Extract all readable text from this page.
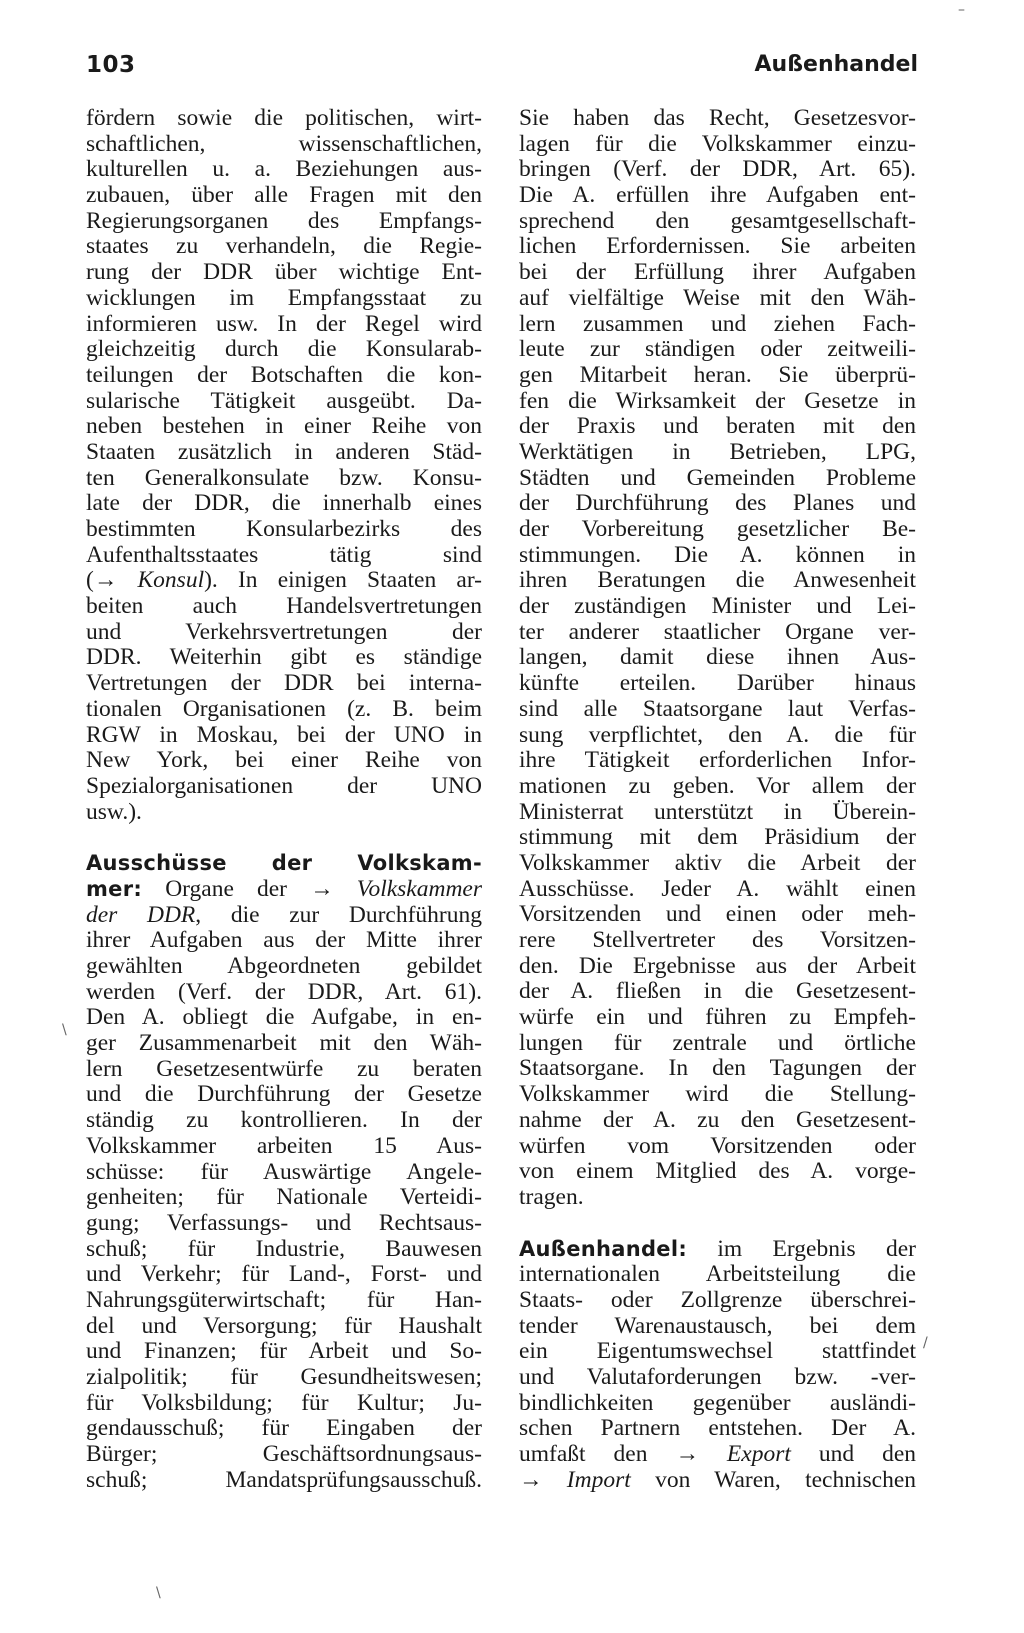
103	Außenhandel
fördern sowie die politischen, wirt-
schaftlichen, wissenschaftlichen,
kulturellen u. a. Beziehungen aus-
zubauen, über alle Fragen mit den
Regierungsorganen des Empfangs-
staates zu verhandeln, die Regie-
rung der DDR über wichtige Ent-
wicklungen im Empfangsstaat zu
informieren usw. In der Regel wird
gleichzeitig durch die Konsularab-
teilungen der Botschaften die kon-
sularische Tätigkeit ausgeübt. Da-
neben bestehen in einer Reihe von
Staaten zusätzlich in anderen Städ-
ten Generalkonsulate bzw. Konsu-
late der DDR, die innerhalb eines
bestimmten Konsularbezirks des
Aufenthaltsstaates tätig sind
(→ Konsul). In einigen Staaten ar-
beiten auch Handelsvertretungen
und Verkehrsvertretungen der
DDR. Weiterhin gibt es ständige
Vertretungen der DDR bei interna-
tionalen Organisationen (z. B. beim
RGW in Moskau, bei der UNO in
New York, bei einer Reihe von
Spezialorganisationen der UNO
usw.).
Ausschüsse der Volkskam-
mer: Organe der → Volkskammer
der DDR, die zur Durchführung
ihrer Aufgaben aus der Mitte ihrer
gewählten Abgeordneten gebildet
werden (Verf. der DDR, Art. 61).
Den A. obliegt die Aufgabe, in en-
ger Zusammenarbeit mit den Wäh-
lern Gesetzesentwürfe zu beraten
und die Durchführung der Gesetze
ständig zu kontrollieren. In der
Volkskammer arbeiten 15 Aus-
schüsse: für Auswärtige Angele-
genheiten; für Nationale Verteidi-
gung; Verfassungs- und Rechtsaus-
schuß; für Industrie, Bauwesen
und Verkehr; für Land-, Forst- und
Nahrungsgüterwirtschaft; für Han-
del und Versorgung; für Haushalt
und Finanzen; für Arbeit und So-
zialpolitik; für Gesundheitswesen;
für Volksbildung; für Kultur; Ju-
gendausschuß; für Eingaben der
Bürger; Geschäftsordnungsaus-
schuß; Mandatsprüfungsausschuß.
Sie haben das Recht, Gesetzesvor-
lagen für die Volkskammer einzu-
bringen (Verf. der DDR, Art. 65).
Die A. erfüllen ihre Aufgaben ent-
sprechend den gesamtgesellschaft-
lichen Erfordernissen. Sie arbeiten
bei der Erfüllung ihrer Aufgaben
auf vielfältige Weise mit den Wäh-
lern zusammen und ziehen Fach-
leute zur ständigen oder zeitweili-
gen Mitarbeit heran. Sie überprü-
fen die Wirksamkeit der Gesetze in
der Praxis und beraten mit den
Werktätigen in Betrieben, LPG,
Städten und Gemeinden Probleme
der Durchführung des Planes und
der Vorbereitung gesetzlicher Be-
stimmungen. Die A. können in
ihren Beratungen die Anwesenheit
der zuständigen Minister und Lei-
ter anderer staatlicher Organe ver-
langen, damit diese ihnen Aus-
künfte erteilen. Darüber hinaus
sind alle Staatsorgane laut Verfas-
sung verpflichtet, den A. die für
ihre Tätigkeit erforderlichen Infor-
mationen zu geben. Vor allem der
Ministerrat unterstützt in Überein-
stimmung mit dem Präsidium der
Volkskammer aktiv die Arbeit der
Ausschüsse. Jeder A. wählt einen
Vorsitzenden und einen oder meh-
rere Stellvertreter des Vorsitzen-
den. Die Ergebnisse aus der Arbeit
der A. fließen in die Gesetzesent-
würfe ein und führen zu Empfeh-
lungen für zentrale und örtliche
Staatsorgane. In den Tagungen der
Volkskammer wird die Stellung-
nahme der A. zu den Gesetzesent-
würfen vom Vorsitzenden oder
von einem Mitglied des A. vorge-
tragen.
Außenhandel: im Ergebnis der
internationalen Arbeitsteilung die
Staats- oder Zollgrenze überschrei-
tender Warenaustausch, bei dem
ein Eigentumswechsel stattfindet
und Valutaforderungen bzw. -ver-
bindlichkeiten gegenüber ausländi-
schen Partnern entstehen. Der A.
umfaßt den → Export und den
→ Import von Waren, technischen
–
\
\
/
